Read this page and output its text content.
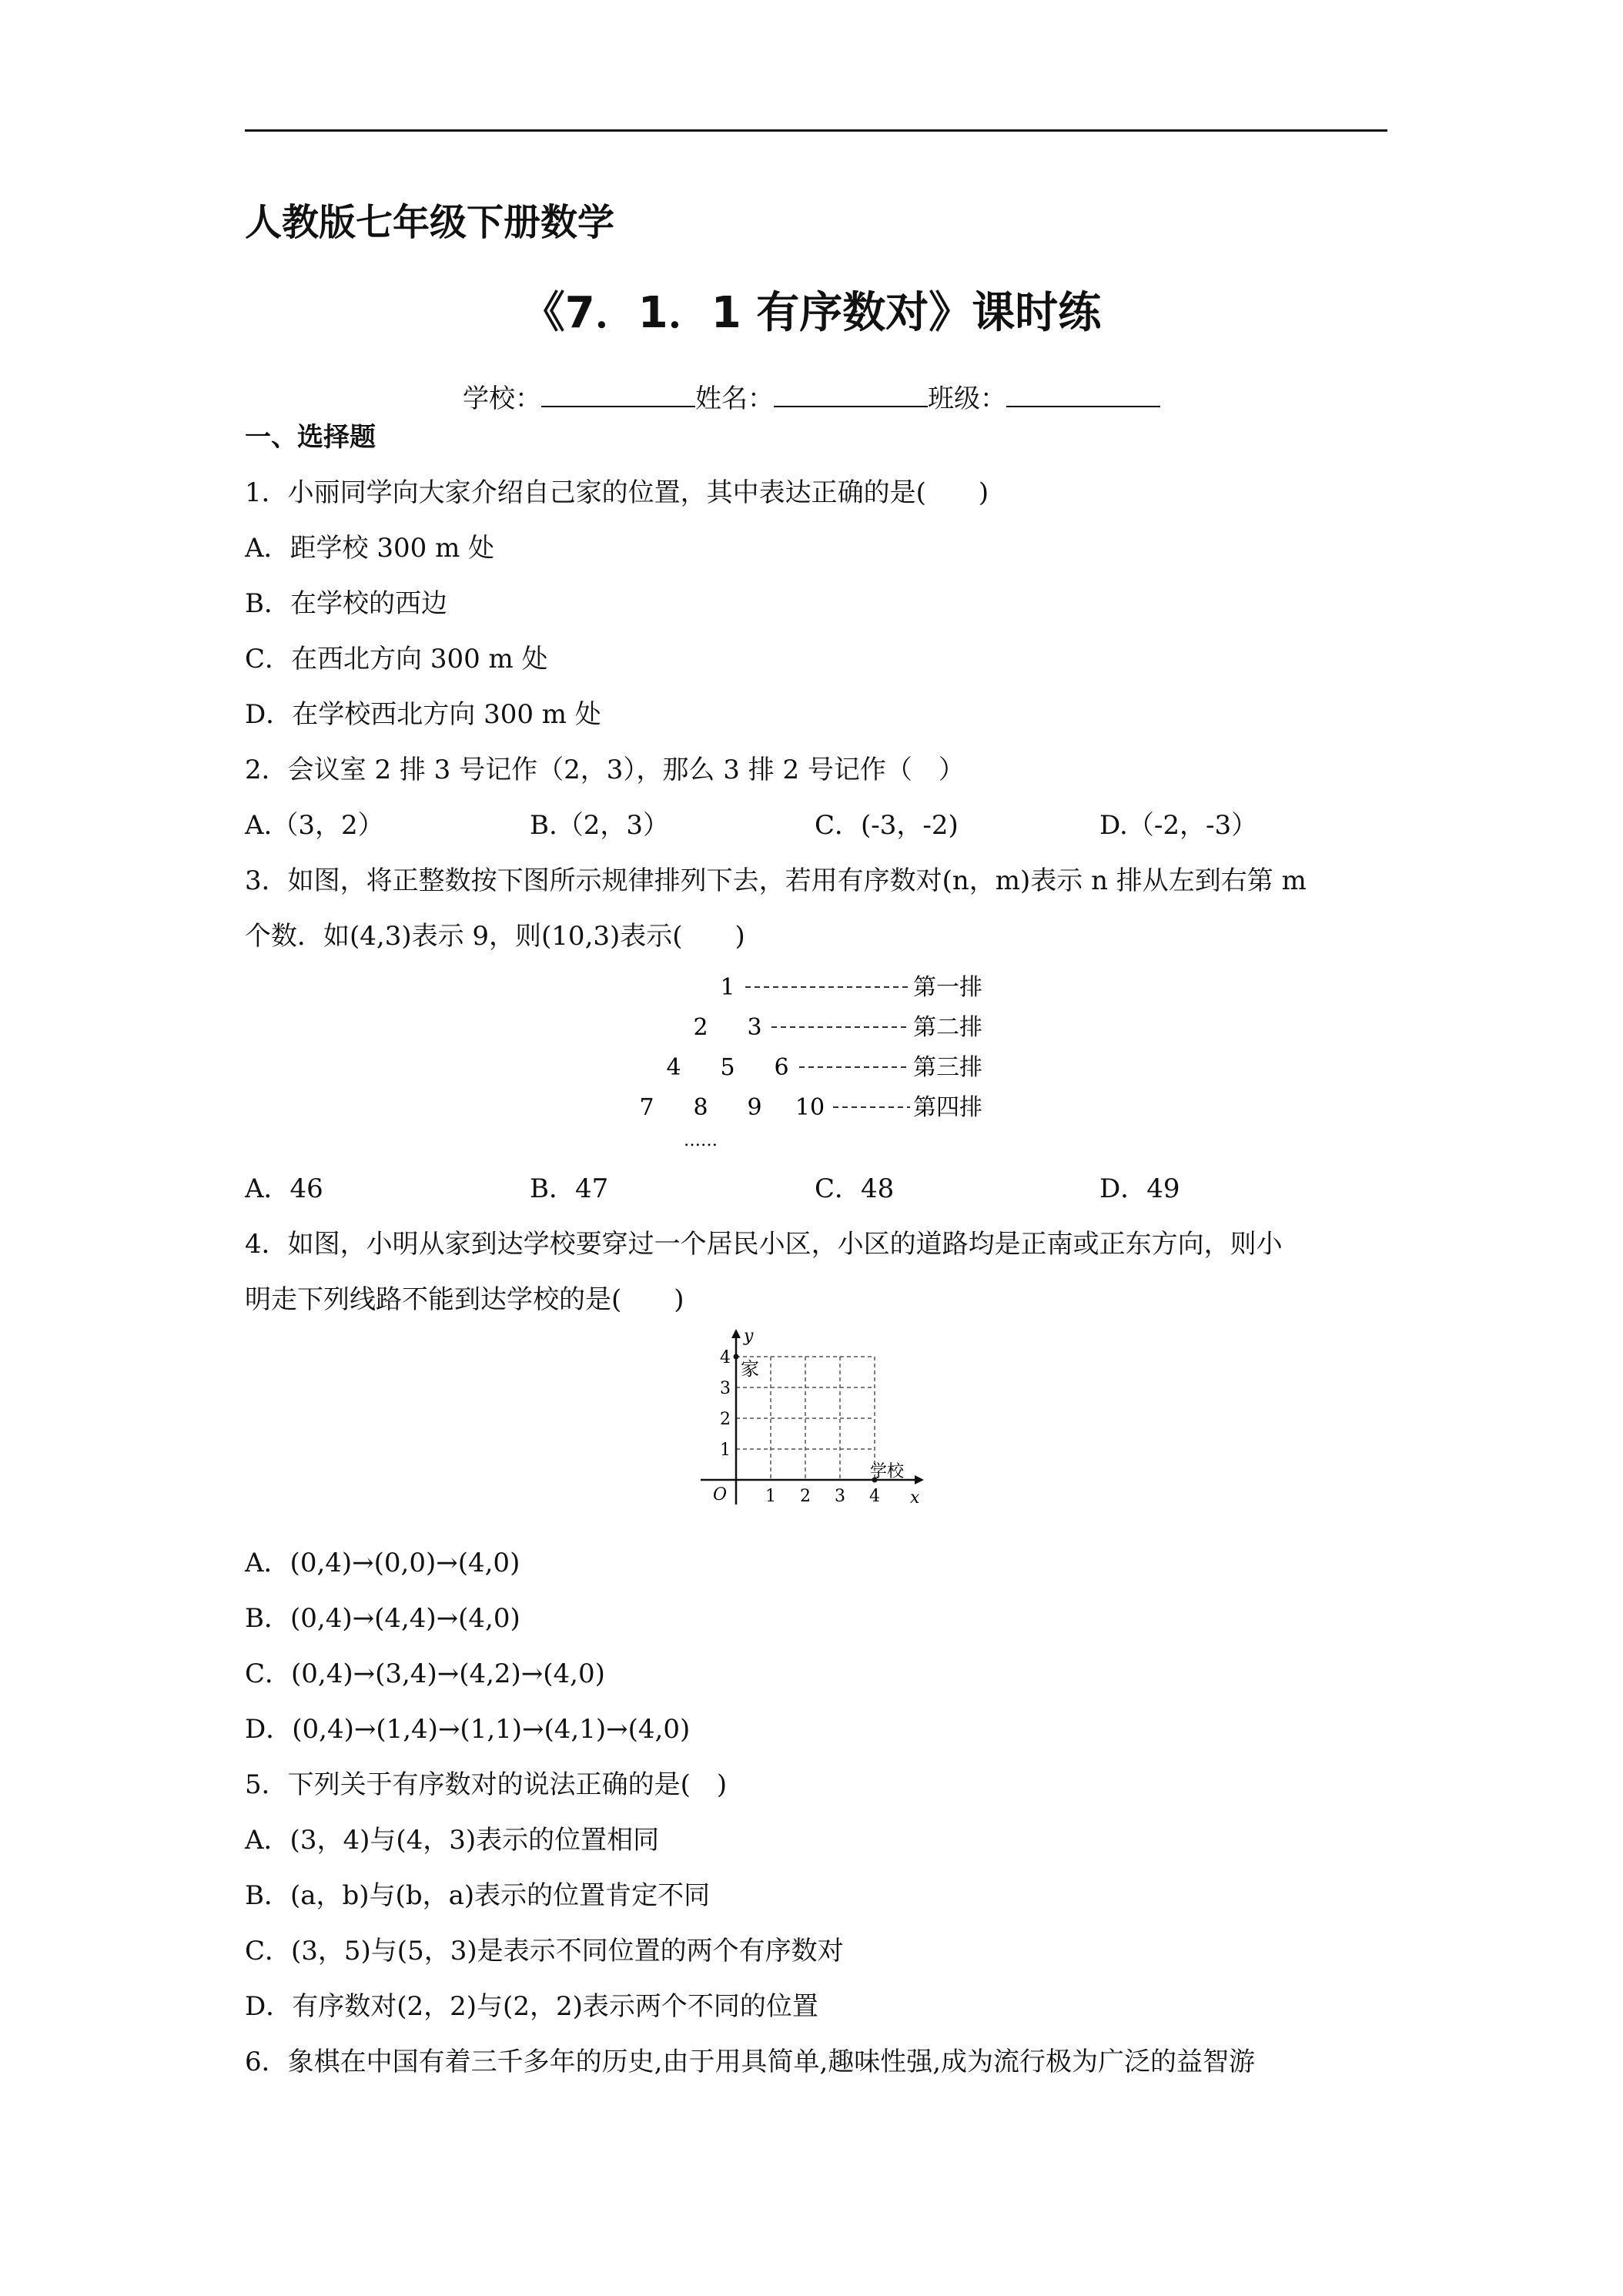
人教版七年级下册数学
《7．1．1 有序数对》课时练
学校：	姓名：	班级：
一、选择题
1．小丽同学向大家介绍自己家的位置，其中表达正确的是(　　)
A．距学校 300 m 处
B．在学校的西边
C．在西北方向 300 m 处
D．在学校西北方向 300 m 处
2．会议室 2 排 3 号记作（2，3），那么 3 排 2 号记作（　）
A.（3，2）	B.（2，3）	C．(-3，-2)	D.（-2，-3）
3．如图，将正整数按下图所示规律排列下去，若用有序数对(n，m)表示 n 排从左到右第 m
个数．如(4,3)表示 9，则(10,3)表示(　　)
1
2 3
4 5 6
7 8 9 10
第一排
第二排
第三排
第四排
……
A．46	B．47	C．48	D．49
4．如图，小明从家到达学校要穿过一个居民小区，小区的道路均是正南或正东方向，则小
明走下列线路不能到达学校的是(　　)
y
x
O 1 2 3 4
1
2
3
4
家
学校
A．(0,4)→(0,0)→(4,0)
B．(0,4)→(4,4)→(4,0)
C．(0,4)→(3,4)→(4,2)→(4,0)
D．(0,4)→(1,4)→(1,1)→(4,1)→(4,0)
5．下列关于有序数对的说法正确的是(　)
A．(3，4)与(4，3)表示的位置相同
B．(a，b)与(b，a)表示的位置肯定不同
C．(3，5)与(5，3)是表示不同位置的两个有序数对
D．有序数对(2，2)与(2，2)表示两个不同的位置
6．象棋在中国有着三千多年的历史,由于用具简单,趣味性强,成为流行极为广泛的益智游
